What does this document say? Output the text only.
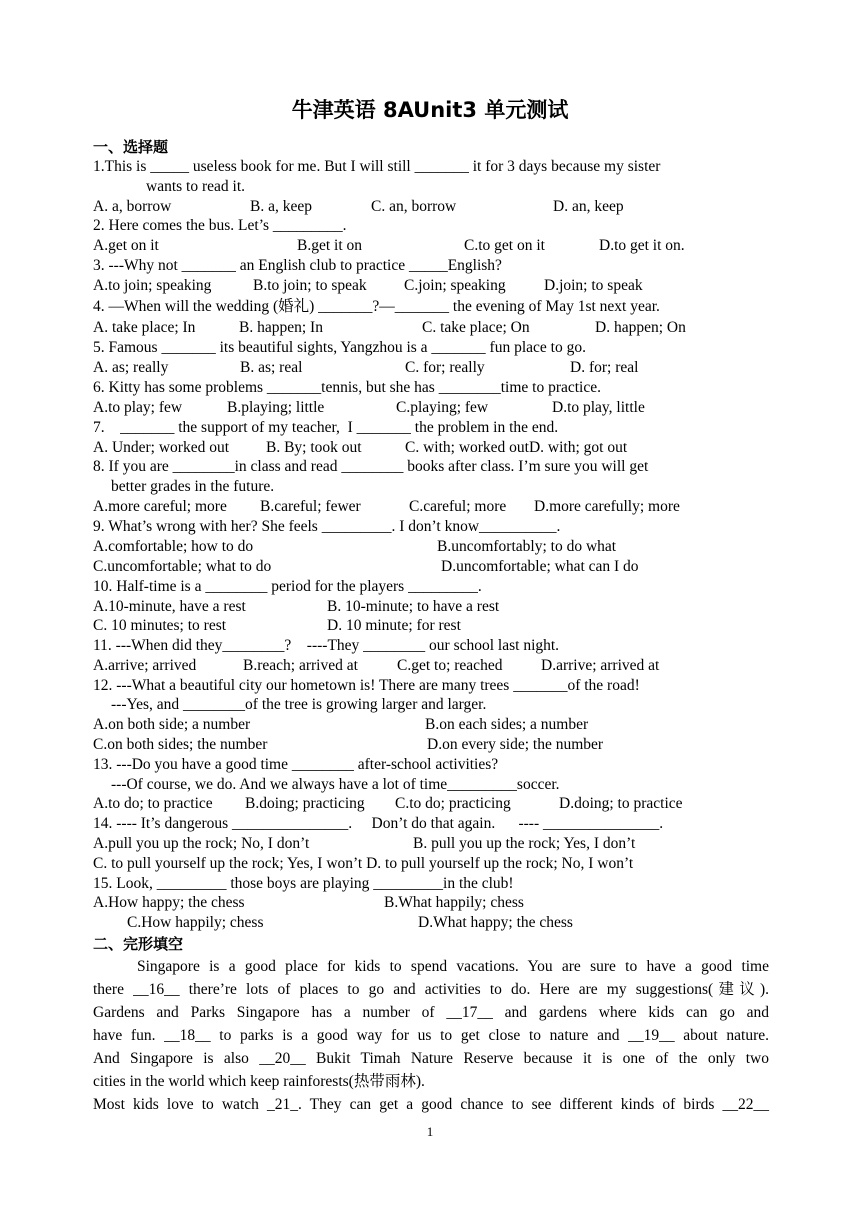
牛津英语 8AUnit3 单元测试
一、选择题
1.This is _____ useless book for me. But I will still _______ it for 3 days because my sister
wants to read it.
A. a, borrow	B. a, keep	C. an, borrow	D. an, keep
2. Here comes the bus. Let’s _________.
A.get on it	B.get it on	C.to get on it	D.to get it on.
3. ---Why not _______ an English club to practice _____English?
A.to join; speaking	B.to join; to speak C.join; speaking D.join; to speak
4. —When will the wedding (婚礼) _______?—_______ the evening of May 1st next year.
A. take place; In	B. happen; In	C. take place; On	D. happen; On
5. Famous _______ its beautiful sights, Yangzhou is a _______ fun place to go.
A. as; really	B. as; real	C. for; really	D. for; real
6. Kitty has some problems _______tennis, but she has ________time to practice.
A.to play; few	B.playing; little	C.playing; few	D.to play, little
7.    _______ the support of my teacher,  I _______ the problem in the end.
A. Under; worked out B. By; took out	C. with; worked outD. with; got out
8. If you are ________in class and read ________ books after class. I’m sure you will get
better grades in the future.
A.more careful; more B.careful; fewer	C.careful; more D.more carefully; more
9. What’s wrong with her? She feels _________. I don’t know__________.
A.comfortable; how to do	B.uncomfortably; to do what
C.uncomfortable; what to do	D.uncomfortable; what can I do
10. Half-time is a ________ period for the players _________.
A.10-minute, have a rest	B. 10-minute; to have a rest
C. 10 minutes; to rest	D. 10 minute; for rest
11. ---When did they________?    ----They ________ our school last night.
A.arrive; arrived	B.reach; arrived at	C.get to; reached D.arrive; arrived at
12. ---What a beautiful city our hometown is! There are many trees _______of the road!
---Yes, and ________of the tree is growing larger and larger.
A.on both side; a number	B.on each sides; a number
C.on both sides; the number	D.on every side; the number
13. ---Do you have a good time ________ after-school activities?
---Of course, we do. And we always have a lot of time_________soccer.
A.to do; to practice B.doing; practicing C.to do; practicing	D.doing; to practice
14. ---- It’s dangerous _______________.     Don’t do that again.      ---- _______________.
A.pull you up the rock; No, I don’t	B. pull you up the rock; Yes, I don’t
C. to pull yourself up the rock; Yes, I won’t D. to pull yourself up the rock; No, I won’t
15. Look, _________ those boys are playing _________in the club!
A.How happy; the chess	B.What happily; chess
C.How happily; chess	D.What happy; the chess
二、完形填空
Singapore is a good place for kids to spend vacations. You are sure to have a good time
there __16__ there’re lots of places to go and activities to do. Here are my suggestions(建议).
Gardens and Parks Singapore has a number of __17__ and gardens where kids can go and
have fun. __18__ to parks is a good way for us to get close to nature and __19__ about nature.
And Singapore is also __20__ Bukit Timah Nature Reserve because it is one of the only two
cities in the world which keep rainforests(热带雨林).
Most kids love to watch _21_. They can get a good chance to see different kinds of birds __22__
1
